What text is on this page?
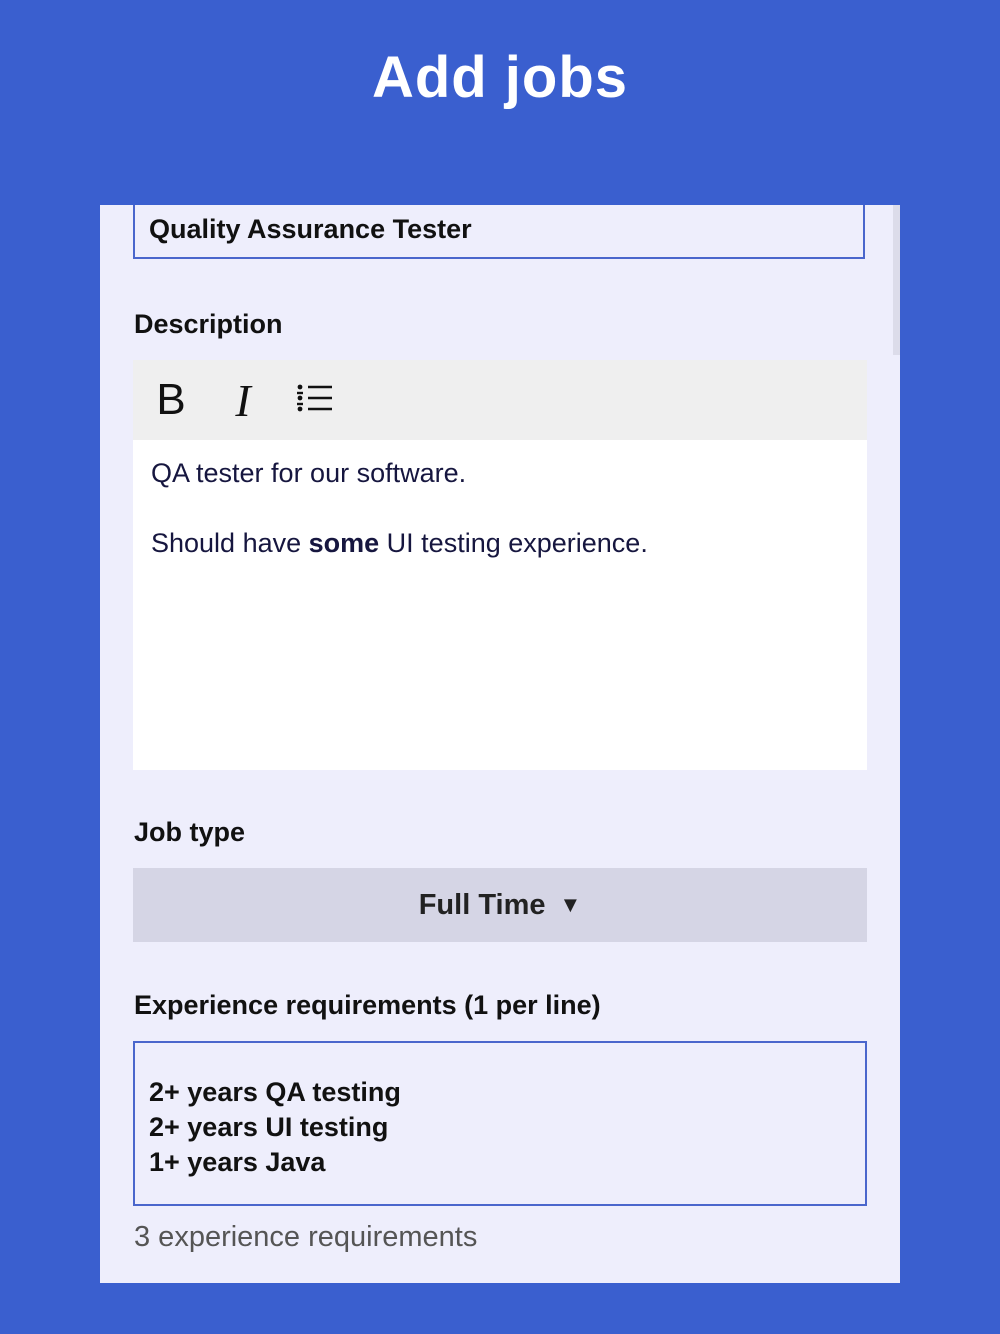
Add jobs
Quality Assurance Tester
Description
B	I

QA tester for our software.

Should have some UI testing experience.

Job type
Full Time ▼
Experience requirements (1 per line)
2+ years QA testing
2+ years UI testing
1+ years Java
3 experience requirements
